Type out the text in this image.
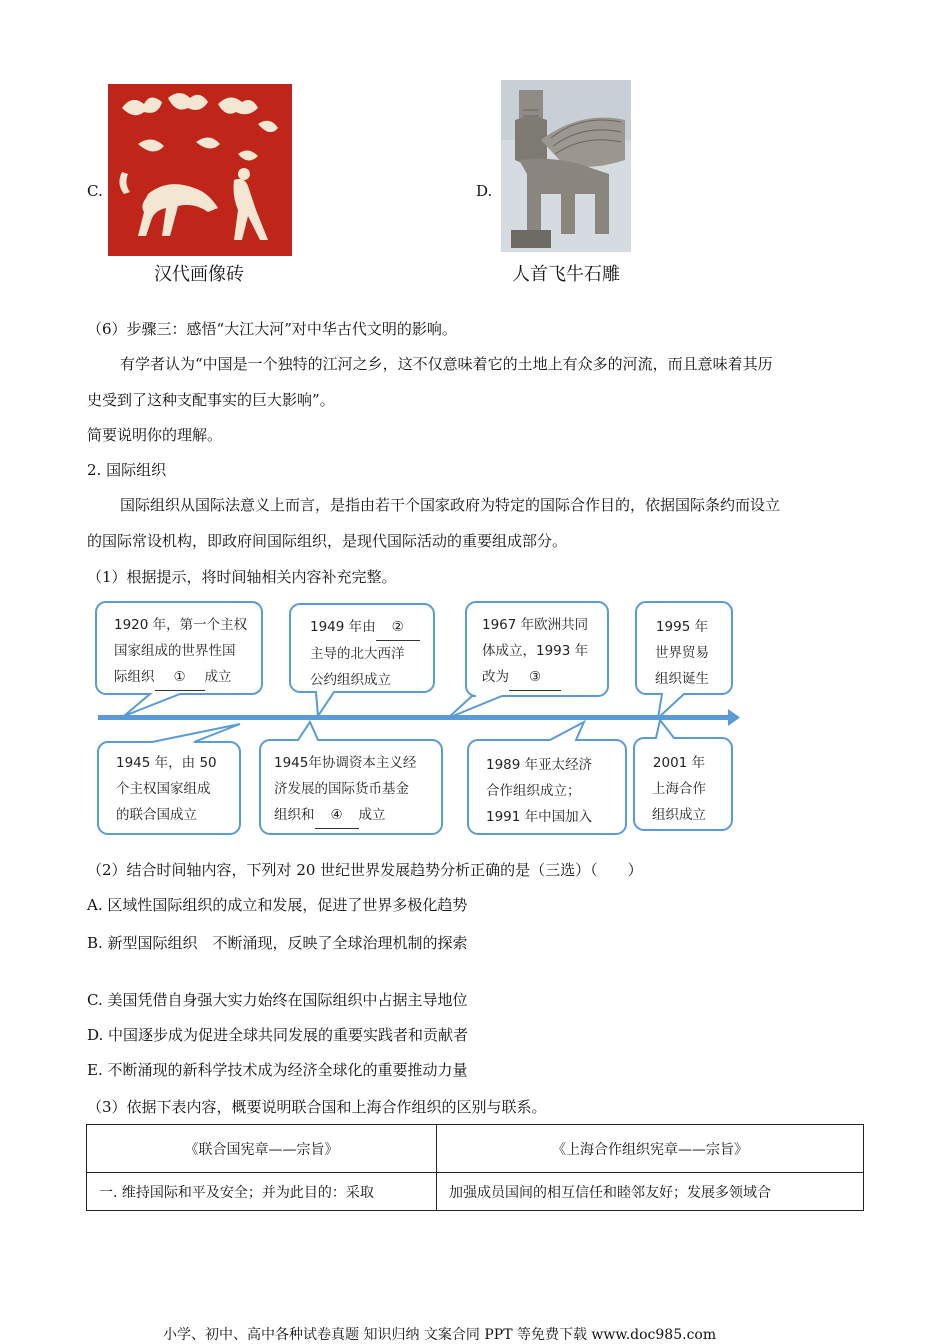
C.
汉代画像砖
D.
人首飞牛石雕
（6）步骤三：感悟“大江大河”对中华古代文明的影响。
有学者认为“中国是一个独特的江河之乡，这不仅意味着它的土地上有众多的河流，而且意味着其历
史受到了这种支配事实的巨大影响”。
简要说明你的理解。
2. 国际组织
国际组织从国际法意义上而言，是指由若干个国家政府为特定的国际合作目的，依据国际条约而设立
的国际常设机构，即政府间国际组织，是现代国际活动的重要组成部分。
（1）根据提示，将时间轴相关内容补充完整。
1920 年，第一个主权
国家组成的世界性国
际组织 ① 成立
1949 年由 ②
主导的北大西洋
公约组织成立
1967 年欧洲共同
体成立，1993 年
改为 ③
1995 年
世界贸易
组织诞生
1945 年，由 50
个主权国家组成
的联合国成立
1945年协调资本主义经
济发展的国际货币基金
组织和 ④ 成立
1989 年亚太经济
合作组织成立；
1991 年中国加入
2001 年
上海合作
组织成立
（2）结合时间轴内容，下列对 20 世纪世界发展趋势分析正确的是（三选）（　　）
A. 区域性国际组织的成立和发展，促进了世界多极化趋势
B. 新型国际组织　不断涌现，反映了全球治理机制的探索
C. 美国凭借自身强大实力始终在国际组织中占据主导地位
D. 中国逐步成为促进全球共同发展的重要实践者和贡献者
E. 不断涌现的新科学技术成为经济全球化的重要推动力量
（3）依据下表内容，概要说明联合国和上海合作组织的区别与联系。
《联合国宪章——宗旨》	《上海合作组织宪章——宗旨》
一. 维持国际和平及安全；并为此目的：采取	加强成员国间的相互信任和睦邻友好；发展多领域合
小学、初中、高中各种试卷真题 知识归纳 文案合同 PPT 等免费下载 www.doc985.com
